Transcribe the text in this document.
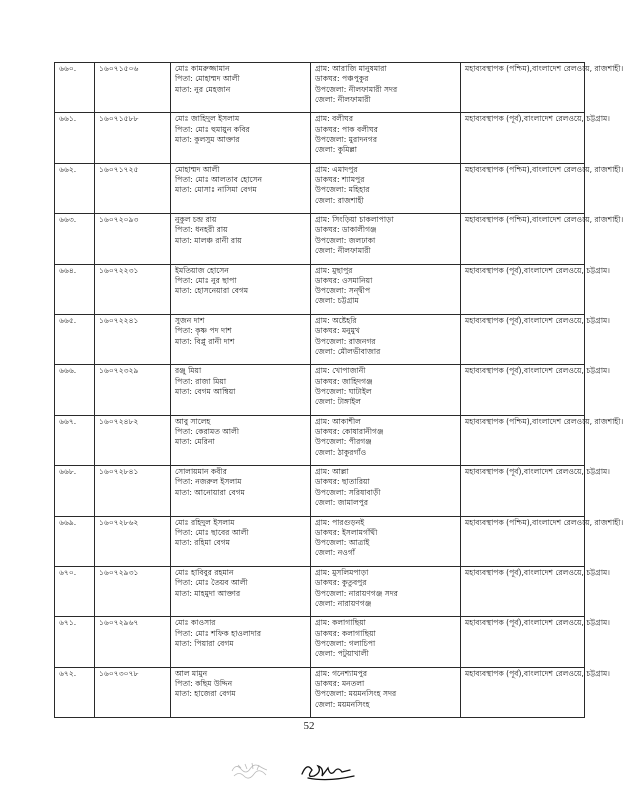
৬৬০.	১৬০৭১৫০৬	মোঃ কামরুজ্জামান
পিতা: মোহাম্মদ আলী
মাতা: নুর মেহজান	গ্রাম: আরাজি মানুষমারা
ডাকঘর: পঞ্চপুকুর
উপজেলা: নীলফামারী সদর
জেলা: নীলফামারী	মহাব্যবস্থাপক (পশ্চিম),বাংলাদেশ রেলওয়ে, রাজশাহী।

৬৬১.	১৬০৭১৫৮৮	মোঃ জাহিদুল ইসলাম
পিতা: মোঃ হুমায়ুন কবির
মাতা: কুলসুম আক্তার	গ্রাম: বলীঘর
ডাকঘর: পাক বলীঘর
উপজেলা: মুরাদনগর
জেলা: কুমিল্লা	মহাব্যবস্থাপক (পূর্ব),বাংলাদেশ রেলওয়ে, চট্টগ্রাম।

৬৬২.	১৬০৭১৭২৫	মোহাম্মদ আলী
পিতা: মোঃ আলতাব হোসেন
মাতা: মোসাঃ নাসিমা বেগম	গ্রাম: এমাদপুর
ডাকঘর: শ্যামপুর
উপজেলা: মহিহার
জেলা: রাজশাহী	মহাব্যবস্থাপক (পশ্চিম),বাংলাদেশ রেলওয়ে, রাজশাহী।

৬৬৩.	১৬০৭২০৯৩	নুকুল চন্দ্র রায়
পিতা: ধনহরী রায়
মাতা: মালঞ্চ রানী রায়	গ্রাম: সিংড়িয়া চাকলাপাড়া
ডাকঘর: ডাকালীগঞ্জ
উপজেলা: জলঢাকা
জেলা: নীলফামারী	মহাব্যবস্থাপক (পশ্চিম),বাংলাদেশ রেলওয়ে, রাজশাহী।

৬৬৪.	১৬০৭২২৩১	ইমতিয়াজ হোসেন
পিতা: মোঃ নুর ছাপা
মাতা: হোসনেয়ারা বেগম	গ্রাম: মুছাপুর
ডাকঘর: ওসমানিয়া
উপজেলা: সন্দ্বীপ
জেলা: চট্টগ্রাম	মহাব্যবস্থাপক (পূর্ব),বাংলাদেশ রেলওয়ে, চট্টগ্রাম।

৬৬৫.	১৬০৭২২৪১	সুজন দাশ
পিতা: কৃষ্ণ পদ দাশ
মাতা: বিপ্লু রানী দাশ	গ্রাম: অষ্টেহরি
ডাকঘর: মনুমুখ
উপজেলা: রাজনগর
জেলা: মৌলভীবাজার	মহাব্যবস্থাপক (পূর্ব),বাংলাদেশ রেলওয়ে, চট্টগ্রাম।

৬৬৬.	১৬০৭২৩২৯	রঞ্জু মিয়া
পিতা: রাজা মিয়া
মাতা: বেগম আম্বিয়া	গ্রাম: খোপাজানী
ডাকঘর: জাহিদগঞ্জ
উপজেলা: ঘাটাইল
জেলা: টাঙ্গাইল	মহাব্যবস্থাপক (পূর্ব),বাংলাদেশ রেলওয়ে, চট্টগ্রাম।

৬৬৭.	১৬০৭২৪৮২	আবু সালেহ
পিতা: কেরামত আলী
মাতা: মেরিনা	গ্রাম: আকাশীল
ডাকঘর: কোষারানীগঞ্জ
উপজেলা: পীরগঞ্জ
জেলা: ঠাকুরগাঁও	মহাব্যবস্থাপক (পশ্চিম),বাংলাদেশ রেলওয়ে, রাজশাহী।

৬৬৮.	১৬০৭২৮৪১	সোলায়মান কবীর
পিতা: নজরুল ইসলাম
মাতা: আনোয়ারা বেগম	গ্রাম: আল্লা
ডাকঘর: ছাতারিয়া
উপজেলা: সরিষাবাড়ী
জেলা: জামালপুর	মহাব্যবস্থাপক (পূর্ব),বাংলাদেশ রেলওয়ে, চট্টগ্রাম।

৬৬৯.	১৬০৭২৮৬২	মোঃ রহিদুল ইসলাম
পিতা: মোঃ ছাবের আলী
মাতা: রহিমা বেগম	গ্রাম: পারগুড়নই
ডাকঘর: ইসলামগাঁথী
উপজেলা: আত্রাই
জেলা: নওগাঁ	মহাব্যবস্থাপক (পশ্চিম),বাংলাদেশ রেলওয়ে, রাজশাহী।

৬৭০.	১৬০৭২৯৩১	মোঃ হাবিবুর রহমান
পিতা: মোঃ তৈয়ব আলী
মাতা: মাহমুদা আক্তার	গ্রাম: মুসলিমপাড়া
ডাকঘর: কুতুবপুর
উপজেলা: নারায়ণগঞ্জ সদর
জেলা: নারায়ণগঞ্জ	মহাব্যবস্থাপক (পূর্ব),বাংলাদেশ রেলওয়ে, চট্টগ্রাম।

৬৭১.	১৬০৭২৯৬৭	মোঃ কাওসার
পিতা: মোঃ শফিক হাওলাদার
মাতা: পিয়ারা বেগম	গ্রাম: কলাগাছিয়া
ডাকঘর: কলাগাছিয়া
উপজেলা: গলাচিপা
জেলা: পটুয়াখালী	মহাব্যবস্থাপক (পূর্ব),বাংলাদেশ রেলওয়ে, চট্টগ্রাম।

৬৭২.	১৬০৭৩০৭৮	আল মামুন
পিতা: কছিম উদ্দিন
মাতা: হাজেরা বেগম	গ্রাম: গনেশ্যামপুর
ডাকঘর: মনতলা
উপজেলা: ময়মনসিংহ সদর
জেলা: ময়মনসিংহ	মহাব্যবস্থাপক (পূর্ব),বাংলাদেশ রেলওয়ে, চট্টগ্রাম।
52
